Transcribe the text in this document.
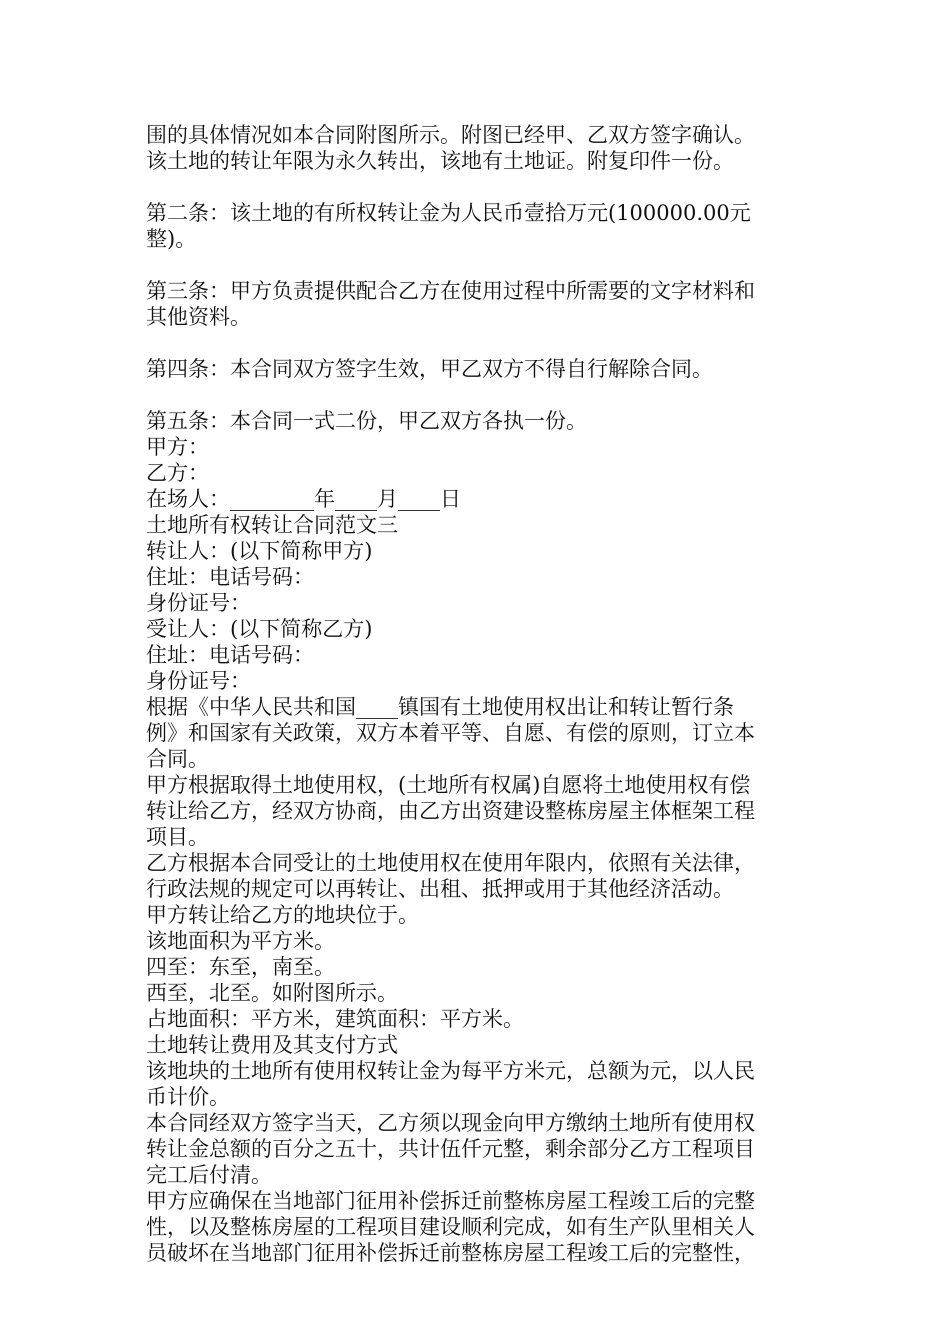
围的具体情况如本合同附图所示。附图已经甲、乙双方签字确认。
该土地的转让年限为永久转出，该地有土地证。附复印件一份。
第二条：该土地的有所权转让金为人民币壹拾万元(100000.00元
整)。
第三条：甲方负责提供配合乙方在使用过程中所需要的文字材料和
其他资料。
第四条：本合同双方签字生效，甲乙双方不得自行解除合同。
第五条：本合同一式二份，甲乙双方各执一份。
甲方：
乙方：
在场人：________年____月____日
土地所有权转让合同范文三
转让人：(以下简称甲方)
住址：电话号码：
身份证号：
受让人：(以下简称乙方)
住址：电话号码：
身份证号：
根据《中华人民共和国____镇国有土地使用权出让和转让暂行条
例》和国家有关政策，双方本着平等、自愿、有偿的原则，订立本
合同。
甲方根据取得土地使用权，(土地所有权属)自愿将土地使用权有偿
转让给乙方，经双方协商，由乙方出资建设整栋房屋主体框架工程
项目。
乙方根据本合同受让的土地使用权在使用年限内，依照有关法律，
行政法规的规定可以再转让、出租、抵押或用于其他经济活动。
甲方转让给乙方的地块位于。
该地面积为平方米。
四至：东至，南至。
西至，北至。如附图所示。
占地面积：平方米，建筑面积：平方米。
土地转让费用及其支付方式
该地块的土地所有使用权转让金为每平方米元，总额为元，以人民
币计价。
本合同经双方签字当天，乙方须以现金向甲方缴纳土地所有使用权
转让金总额的百分之五十，共计伍仟元整，剩余部分乙方工程项目
完工后付清。
甲方应确保在当地部门征用补偿拆迁前整栋房屋工程竣工后的完整
性，以及整栋房屋的工程项目建设顺利完成，如有生产队里相关人
员破坏在当地部门征用补偿拆迁前整栋房屋工程竣工后的完整性，
